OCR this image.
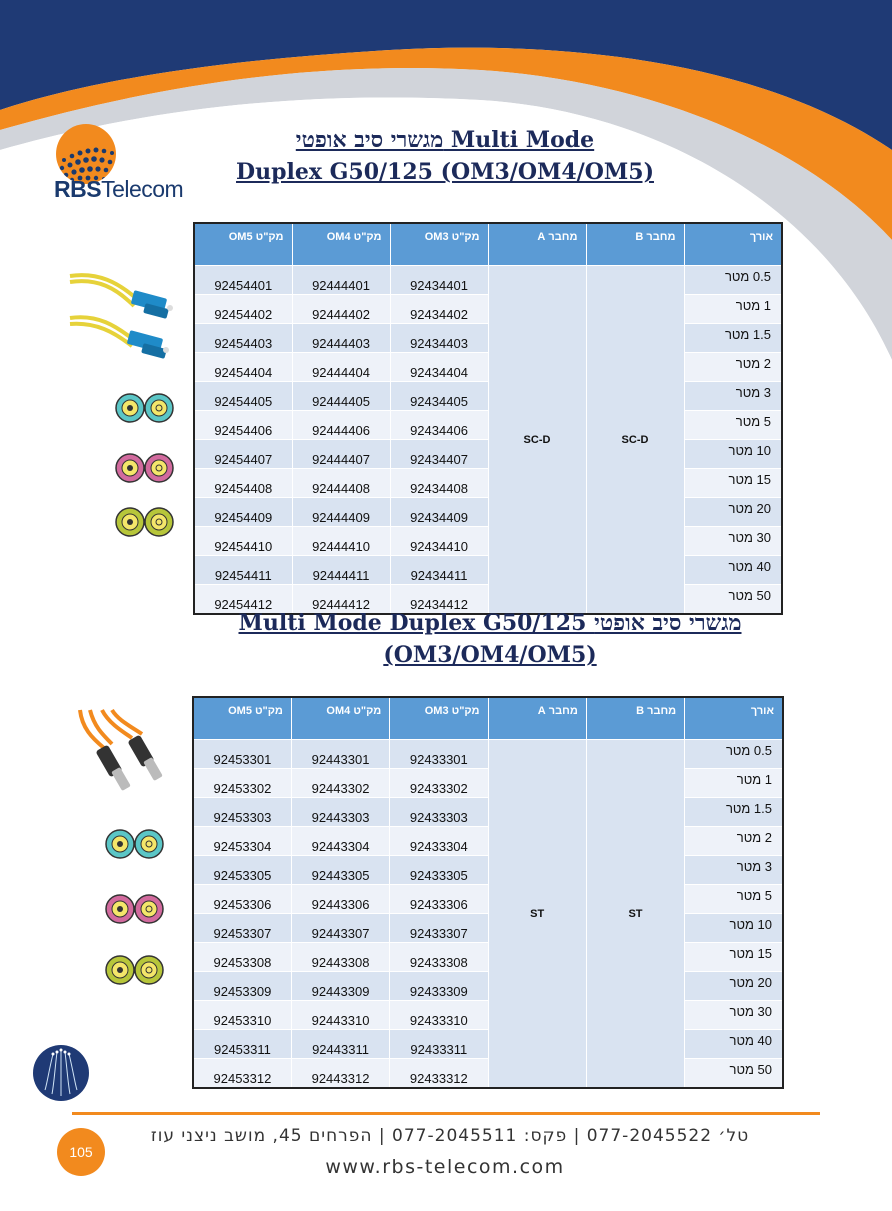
RBSTelecom
מגשרי סיב אופטי Multi Mode
Duplex G50/125 (OM3/OM4/OM5)
אורך	מחבר B	מחבר A	מק"ט OM3	מק"ט OM4	מק"ט OM5
0.5 מטר	SC-D	SC-D	92434401	92444401	92454401
1 מטר			92434402	92444402	92454402
1.5 מטר			92434403	92444403	92454403
2 מטר			92434404	92444404	92454404
3 מטר			92434405	92444405	92454405
5 מטר			92434406	92444406	92454406
10 מטר			92434407	92444407	92454407
15 מטר			92434408	92444408	92454408
20 מטר			92434409	92444409	92454409
30 מטר			92434410	92444410	92454410
40 מטר			92434411	92444411	92454411
50 מטר			92434412	92444412	92454412
Multi Mode Duplex G50/125 מגשרי סיב אופטי
(OM3/OM4/OM5)
אורך	מחבר B	מחבר A	מק"ט OM3	מק"ט OM4	מק"ט OM5
0.5 מטר	ST	ST	92433301	92443301	92453301
1 מטר			92433302	92443302	92453302
1.5 מטר			92433303	92443303	92453303
2 מטר			92433304	92443304	92453304
3 מטר			92433305	92443305	92453305
5 מטר			92433306	92443306	92453306
10 מטר			92433307	92443307	92453307
15 מטר			92433308	92443308	92453308
20 מטר			92433309	92443309	92453309
30 מטר			92433310	92443310	92453310
40 מטר			92433311	92443311	92453311
50 מטר			92433312	92443312	92453312
105
טל׳ 077-2045522 | פקס: 077-2045511 | הפרחים 45, מושב ניצני עוז
www.rbs-telecom.com
